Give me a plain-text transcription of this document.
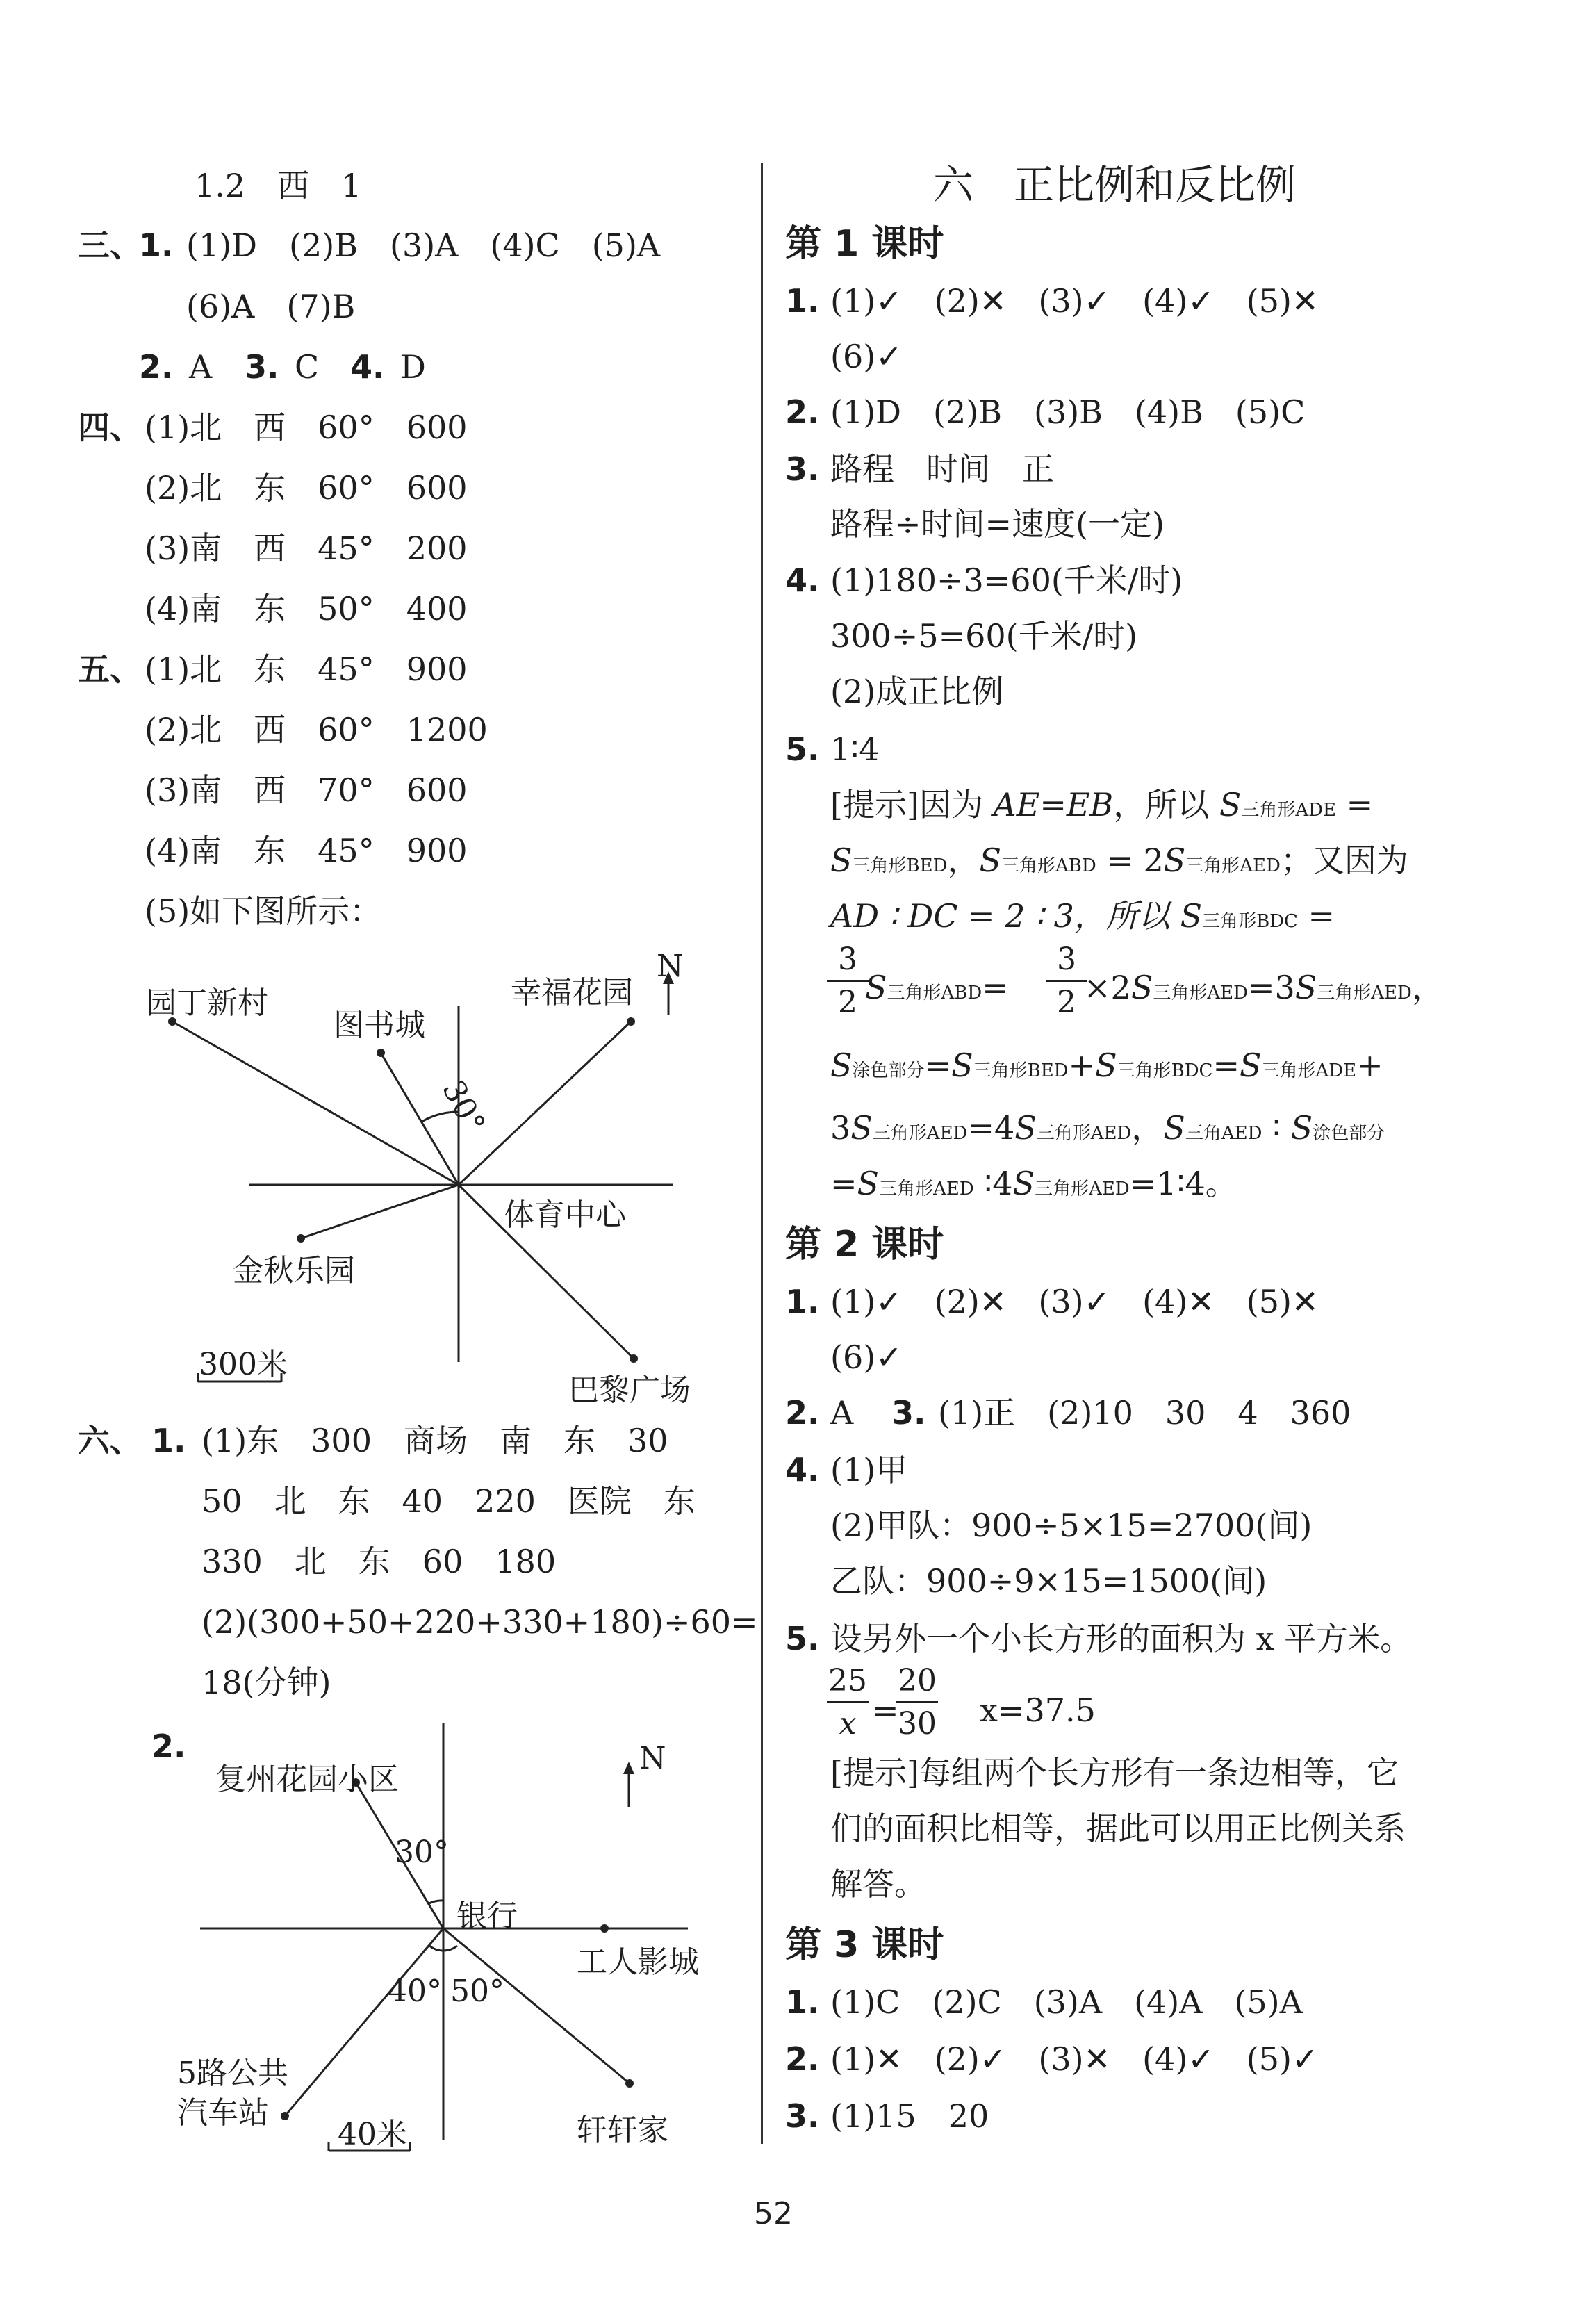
1.2　西　1
三、
1. (1)D　(2)B　(3)A　(4)C　(5)A
(6)A　(7)B
2. A 3. C 4. D
四、 (1)北　西　60°　600
(2)北　东　60°　600
(3)南　西　45°　200
(4)南　东　50°　400
五、 (1)北　东　45°　900
(2)北　西　60°　1200
(3)南　西　70°　600
(4)南　东　45°　900
(5)如下图所示：
N
园丁新村
图书城
幸福花园
30°
体育中心
金秋乐园
300米
巴黎广场
六、 1. (1)东　300　商场　南　东　30
50　北　东　40　220　医院　东
330　北　东　60　180
(2)(300+50+220+330+180)÷60=
18(分钟)
2.	N
复州花园小区
30°
银行
工人影城
40° 50°
5路公共
汽车站
40米	轩轩家
六　正比例和反比例
第 1 课时
1. (1)✓　(2)✕　(3)✓　(4)✓　(5)✕
(6)✓
2. (1)D　(2)B　(3)B　(4)B　(5)C
3. 路程　时间　正
路程÷时间=速度(一定)
4. (1)180÷3=60(千米/时)
300÷5=60(千米/时)
(2)成正比例
5. 1∶4
[提示]因为 AE=EB，所以 S三角形ADE =
S三角形BED，S三角形ABD = 2S三角形AED；又因为
AD ∶ DC = 2 ∶ 3，所以 S三角形BDC =
3
2 S三角形ABD=
3
2 ×2S三角形AED=3S三角形AED，
S涂色部分=S三角形BED+S三角形BDC=S三角形ADE+
3S三角形AED=4S三角形AED，S三角AED ∶ S涂色部分
=S三角形AED ∶4S三角形AED=1∶4。
第 2 课时
1. (1)✓　(2)✕　(3)✓　(4)✕　(5)✕
(6)✓
2. A 3. (1)正　(2)10　30　4　360
4. (1)甲
(2)甲队：900÷5×15=2700(间)
乙队：900÷9×15=1500(间)
5. 设另外一个小长方形的面积为 x 平方米。
25
x =
20
30 x=37.5
[提示]每组两个长方形有一条边相等，它
们的面积比相等，据此可以用正比例关系
解答。
第 3 课时
1. (1)C　(2)C　(3)A　(4)A　(5)A
2. (1)✕　(2)✓　(3)✕　(4)✓　(5)✓
3. (1)15　20
52
